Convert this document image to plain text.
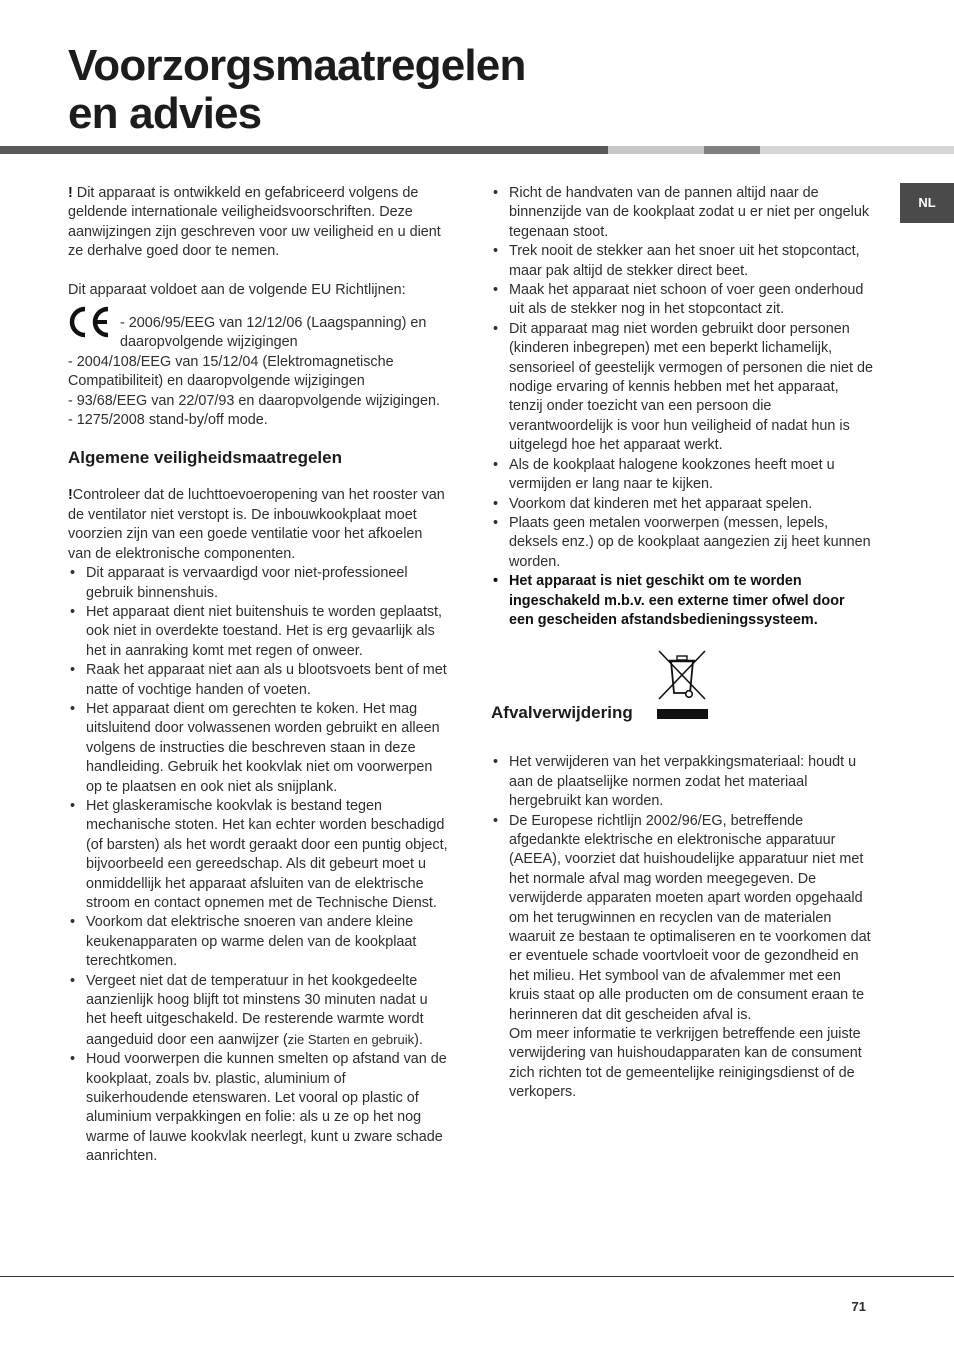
Voorzorgsmaatregelen
en advies
NL

! Dit apparaat is ontwikkeld en gefabriceerd volgens de geldende internationale veiligheidsvoorschriften. Deze aanwijzingen zijn geschreven voor uw veiligheid en u dient ze derhalve goed door te nemen.

Dit apparaat voldoet aan de volgende EU Richtlijnen:

- 2006/95/EEG van 12/12/06 (Laagspanning) en daaropvolgende wijzigingen

- 2004/108/EEG van 15/12/04 (Elektromagnetische Compatibiliteit) en daaropvolgende wijzigingen

- 93/68/EEG van 22/07/93 en daaropvolgende wijzigingen.

- 1275/2008 stand-by/off mode.

Algemene veiligheidsmaatregelen

!Controleer dat de luchttoevoeropening van het rooster van de ventilator niet verstopt is. De inbouwkookplaat moet voorzien zijn van een goede ventilatie voor het afkoelen van de elektronische componenten.

• Dit apparaat is vervaardigd voor niet-professioneel gebruik binnenshuis.
• Het apparaat dient niet buitenshuis te worden geplaatst, ook niet in overdekte toestand. Het is erg gevaarlijk als het in aanraking komt met regen of onweer.
• Raak het apparaat niet aan als u blootsvoets bent of met natte of vochtige handen of voeten.
• Het apparaat dient om gerechten te koken. Het mag uitsluitend door volwassenen worden gebruikt en alleen volgens de instructies die beschreven staan in deze handleiding. Gebruik het kookvlak niet om voorwerpen op te plaatsen en ook niet als snijplank.
• Het glaskeramische kookvlak is bestand tegen mechanische stoten. Het kan echter worden beschadigd (of barsten) als het wordt geraakt door een puntig object, bijvoorbeeld een gereedschap. Als dit gebeurt moet u onmiddellijk het apparaat afsluiten van de elektrische stroom en contact opnemen met de Technische Dienst.
• Voorkom dat elektrische snoeren van andere kleine keukenapparaten op warme delen van de kookplaat terechtkomen.
• Vergeet niet dat de temperatuur in het kookgedeelte aanzienlijk hoog blijft tot minstens 30 minuten nadat u het heeft uitgeschakeld. De resterende warmte wordt aangeduid door een aanwijzer (zie Starten en gebruik).
• Houd voorwerpen die kunnen smelten op afstand van de kookplaat, zoals bv. plastic, aluminium of suikerhoudende etenswaren. Let vooral op plastic of aluminium verpakkingen en folie: als u ze op het nog warme of lauwe kookvlak neerlegt, kunt u zware schade aanrichten.
• Richt de handvaten van de pannen altijd naar de binnenzijde van de kookplaat zodat u er niet per ongeluk tegenaan stoot.
• Trek nooit de stekker aan het snoer uit het stopcontact, maar pak altijd de stekker direct beet.
• Maak het apparaat niet schoon of voer geen onderhoud uit als de stekker nog in het stopcontact zit.
• Dit apparaat mag niet worden gebruikt door personen (kinderen inbegrepen) met een beperkt lichamelijk, sensorieel of geestelijk vermogen of personen die niet de nodige ervaring of kennis hebben met het apparaat, tenzij onder toezicht van een persoon die verantwoordelijk is voor hun veiligheid of nadat hun is uitgelegd hoe het apparaat werkt.
• Als de kookplaat halogene kookzones heeft moet u vermijden er lang naar te kijken.
• Voorkom dat kinderen met het apparaat spelen.
• Plaats geen metalen voorwerpen (messen, lepels, deksels enz.) op de kookplaat aangezien zij heet kunnen worden.
• Het apparaat is niet geschikt om te worden ingeschakeld m.b.v. een externe timer ofwel door een gescheiden afstandsbedieningssysteem.
Afvalverwijdering
• Het verwijderen van het verpakkingsmateriaal: houdt u aan de plaatselijke normen zodat het materiaal hergebruikt kan worden.
• De Europese richtlijn 2002/96/EG, betreffende afgedankte elektrische en elektronische apparatuur (AEEA), voorziet dat huishoudelijke apparatuur niet met het normale afval mag worden meegegeven. De verwijderde apparaten moeten apart worden opgehaald om het terugwinnen en recyclen van de materialen waaruit ze bestaan te optimaliseren en te voorkomen dat er eventuele schade voortvloeit voor de gezondheid en het milieu. Het symbool van de afvalemmer met een kruis staat op alle producten om de consument eraan te herinneren dat dit gescheiden afval is.
Om meer informatie te verkrijgen betreffende een juiste verwijdering van huishoudapparaten kan de consument zich richten tot de gemeentelijke reinigingsdienst of de verkopers.
71
